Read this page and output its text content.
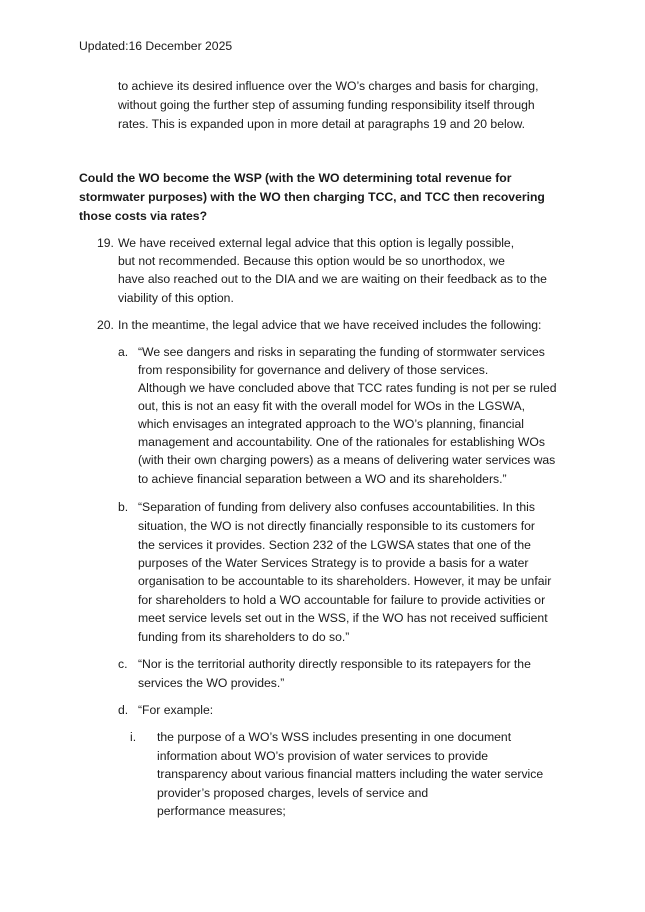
Updated:16 December 2025
to achieve its desired influence over the WO’s charges and basis for charging,
without going the further step of assuming funding responsibility itself through
rates. This is expanded upon in more detail at paragraphs 19 and 20 below.
Could the WO become the WSP (with the WO determining total revenue for
stormwater purposes) with the WO then charging TCC, and TCC then recovering
those costs via rates?
19. We have received external legal advice that this option is legally possible,
but not recommended. Because this option would be so unorthodox, we
have also reached out to the DIA and we are waiting on their feedback as to the
viability of this option.
20. In the meantime, the legal advice that we have received includes the following:
a. “We see dangers and risks in separating the funding of stormwater services
from responsibility for governance and delivery of those services.
Although we have concluded above that TCC rates funding is not per se ruled
out, this is not an easy fit with the overall model for WOs in the LGSWA,
which envisages an integrated approach to the WO’s planning, financial
management and accountability. One of the rationales for establishing WOs
(with their own charging powers) as a means of delivering water services was
to achieve financial separation between a WO and its shareholders.”
b. “Separation of funding from delivery also confuses accountabilities. In this
situation, the WO is not directly financially responsible to its customers for
the services it provides. Section 232 of the LGWSA states that one of the
purposes of the Water Services Strategy is to provide a basis for a water
organisation to be accountable to its shareholders. However, it may be unfair
for shareholders to hold a WO accountable for failure to provide activities or
meet service levels set out in the WSS, if the WO has not received sufficient
funding from its shareholders to do so.”
c. “Nor is the territorial authority directly responsible to its ratepayers for the
services the WO provides.”
d. “For example:
i. the purpose of a WO’s WSS includes presenting in one document
information about WO’s provision of water services to provide
transparency about various financial matters including the water service
provider’s proposed charges, levels of service and
performance measures;
